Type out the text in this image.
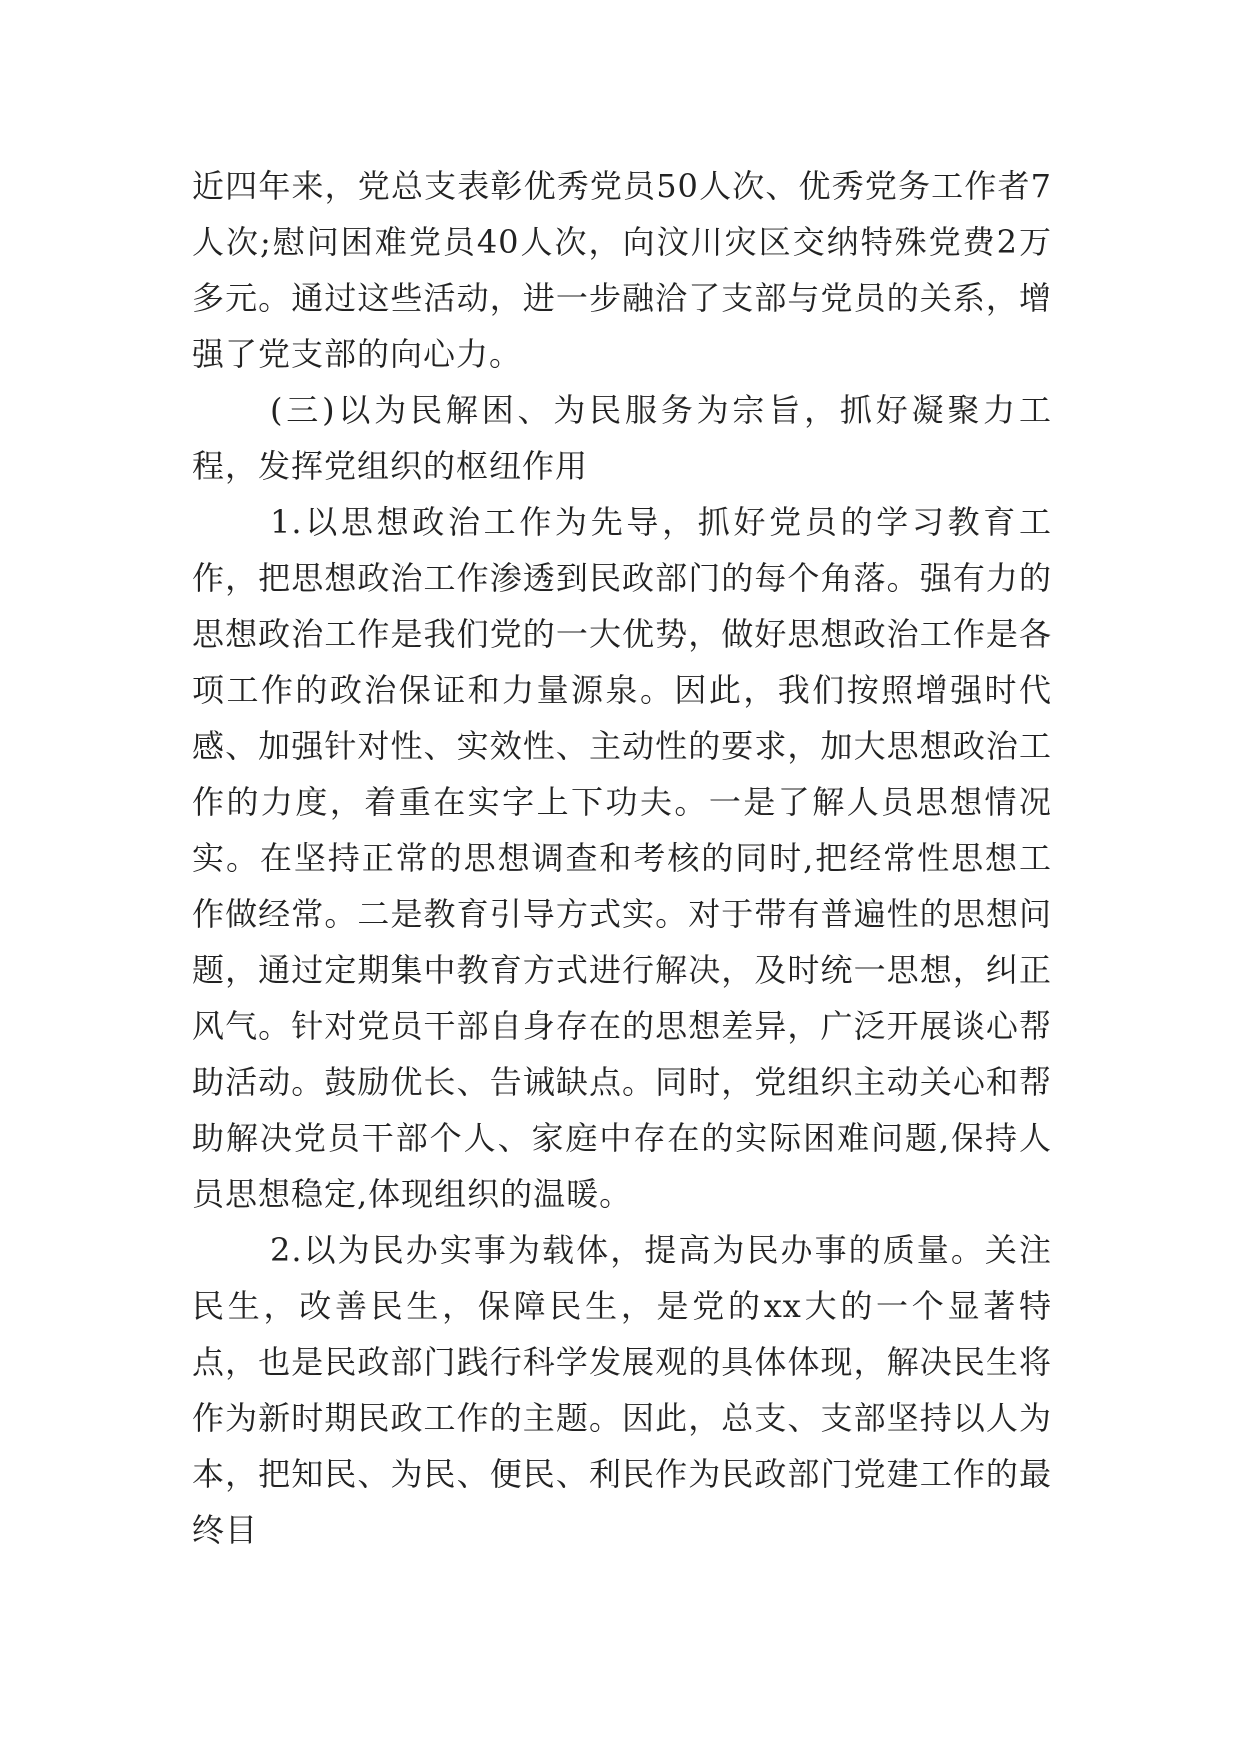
近四年来，党总支表彰优秀党员50人次、优秀党务工作者7人次;慰问困难党员40人次，向汶川灾区交纳特殊党费2万多元。通过这些活动，进一步融洽了支部与党员的关系，增强了党支部的向心力。

(三)以为民解困、为民服务为宗旨，抓好凝聚力工程，发挥党组织的枢纽作用

1.以思想政治工作为先导，抓好党员的学习教育工作，把思想政治工作渗透到民政部门的每个角落。强有力的思想政治工作是我们党的一大优势，做好思想政治工作是各项工作的政治保证和力量源泉。因此，我们按照增强时代感、加强针对性、实效性、主动性的要求，加大思想政治工作的力度，着重在实字上下功夫。一是了解人员思想情况实。在坚持正常的思想调查和考核的同时,把经常性思想工作做经常。二是教育引导方式实。对于带有普遍性的思想问题，通过定期集中教育方式进行解决，及时统一思想，纠正风气。针对党员干部自身存在的思想差异，广泛开展谈心帮助活动。鼓励优长、告诫缺点。同时，党组织主动关心和帮助解决党员干部个人、家庭中存在的实际困难问题,保持人员思想稳定,体现组织的温暖。

2.以为民办实事为载体，提高为民办事的质量。关注民生，改善民生，保障民生，是党的xx大的一个显著特点，也是民政部门践行科学发展观的具体体现，解决民生将作为新时期民政工作的主题。因此，总支、支部坚持以人为本，把知民、为民、便民、利民作为民政部门党建工作的最终目
